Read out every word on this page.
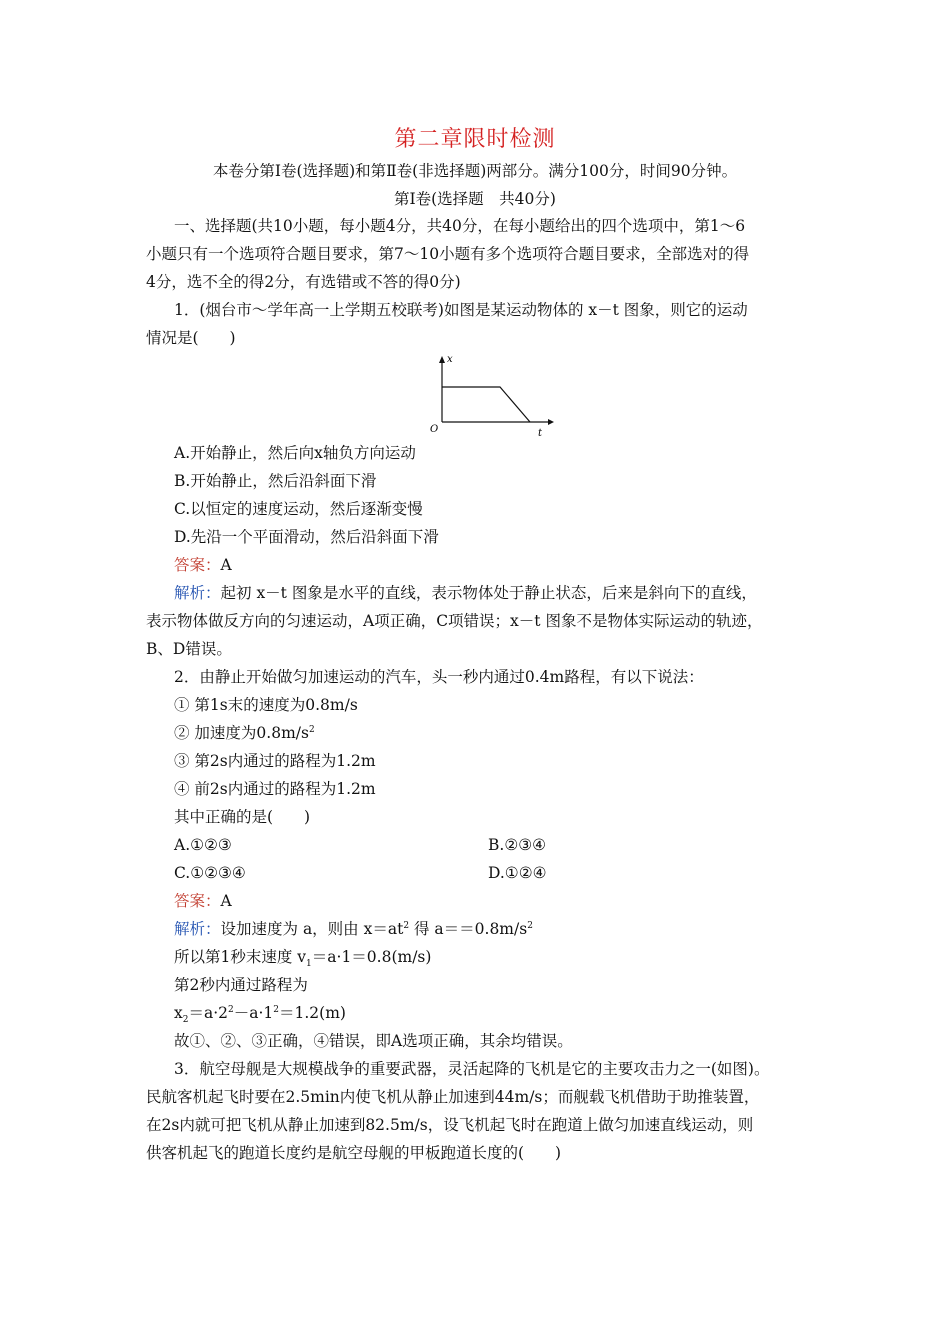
第二章限时检测
本卷分第Ⅰ卷(选择题)和第Ⅱ卷(非选择题)两部分。满分100分，时间90分钟。
第Ⅰ卷(选择题　共40分)
一、选择题(共10小题，每小题4分，共40分，在每小题给出的四个选项中，第1～6
小题只有一个选项符合题目要求，第7～10小题有多个选项符合题目要求，全部选对的得
4分，选不全的得2分，有选错或不答的得0分)
1．(烟台市～学年高一上学期五校联考)如图是某运动物体的 x－t 图象，则它的运动
情况是(　　)
x
t
O
A.开始静止，然后向x轴负方向运动
B.开始静止，然后沿斜面下滑
C.以恒定的速度运动，然后逐渐变慢
D.先沿一个平面滑动，然后沿斜面下滑
答案：A
解析：起初 x－t 图象是水平的直线，表示物体处于静止状态，后来是斜向下的直线，
表示物体做反方向的匀速运动，A项正确，C项错误；x－t 图象不是物体实际运动的轨迹，
B、D错误。
2．由静止开始做匀加速运动的汽车，头一秒内通过0.4m路程，有以下说法：
① 第1s末的速度为0.8m/s
② 加速度为$0.8m/s^2$
③ 第2s内通过的路程为1.2m
④ 前2s内通过的路程为1.2m
其中正确的是(　　)
A.①②③	B.②③④
C.①②③④	D.①②④
答案：A
解析：设加速度为 a，则由 $x=at^2$ 得 $a==0.8m/s^2$
所以第1秒末速度 $v_1=a\cdot 1=0.8(m/s)$
第2秒内通过路程为
$x_2=a\cdot 2^2-a\cdot 1^2=1.2(m)$
故①、②、③正确，④错误，即A选项正确，其余均错误。
3．航空母舰是大规模战争的重要武器，灵活起降的飞机是它的主要攻击力之一(如图)。
民航客机起飞时要在2.5min内使飞机从静止加速到44m/s；而舰载飞机借助于助推装置，
在2s内就可把飞机从静止加速到82.5m/s，设飞机起飞时在跑道上做匀加速直线运动，则
供客机起飞的跑道长度约是航空母舰的甲板跑道长度的(　　)
